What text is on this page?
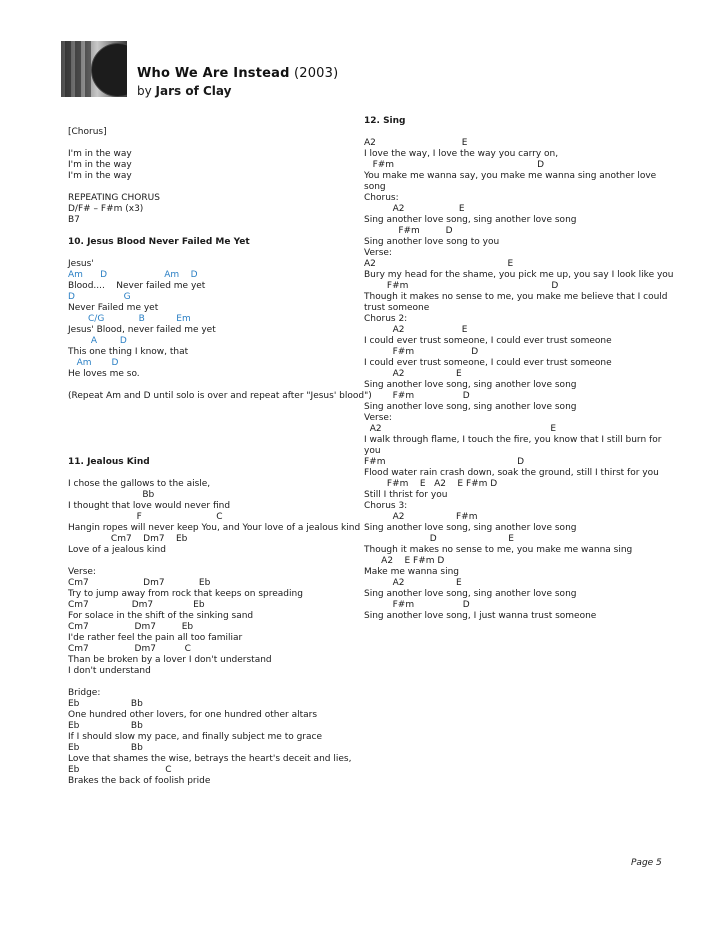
Who We Are Instead (2003)
by Jars of Clay
[Chorus]
I'm in the way
I'm in the way
I'm in the way
REPEATING CHORUS
D/F# – F#m (x3)
B7
10. Jesus Blood Never Failed Me Yet
Jesus'
Am      D                    Am    D
Blood....    Never failed me yet
D                 G
Never Failed me yet
C/G            B           Em
Jesus' Blood, never failed me yet
A        D
This one thing I know, that
Am       D
He loves me so.
(Repeat Am and D until solo is over and repeat after "Jesus' blood")
11. Jealous Kind
I chose the gallows to the aisle,
Bb
I thought that love would never find
F                          C
Hangin ropes will never keep You, and Your love of a jealous kind
Cm7    Dm7    Eb
Love of a jealous kind
Verse:
Cm7                   Dm7            Eb
Try to jump away from rock that keeps on spreading
Cm7               Dm7              Eb
For solace in the shift of the sinking sand
Cm7                Dm7         Eb
I'de rather feel the pain all too familiar
Cm7                Dm7          C
Than be broken by a lover I don't understand
I don't understand
Bridge:
Eb                  Bb
One hundred other lovers, for one hundred other altars
Eb                  Bb
If I should slow my pace, and finally subject me to grace
Eb                  Bb
Love that shames the wise, betrays the heart's deceit and lies,
Eb                              C
Brakes the back of foolish pride
12. Sing
A2                              E
I love the way, I love the way you carry on,
F#m                                                  D
You make me wanna say, you make me wanna sing another love
song
Chorus:
A2                   E
Sing another love song, sing another love song
F#m         D
Sing another love song to you
Verse:
A2                                              E
Bury my head for the shame, you pick me up, you say I look like you
F#m                                                  D
Though it makes no sense to me, you make me believe that I could
trust someone
Chorus 2:
A2                    E
I could ever trust someone, I could ever trust someone
F#m                    D
I could ever trust someone, I could ever trust someone
A2                  E
Sing another love song, sing another love song
F#m                 D
Sing another love song, sing another love song
Verse:
A2                                                           E
I walk through flame, I touch the fire, you know that I still burn for
you
F#m                                              D
Flood water rain crash down, soak the ground, still I thirst for you
F#m    E   A2    E F#m D
Still I thrist for you
Chorus 3:
A2                  F#m
Sing another love song, sing another love song
D                         E
Though it makes no sense to me, you make me wanna sing
A2    E F#m D
Make me wanna sing
A2                  E
Sing another love song, sing another love song
F#m                 D
Sing another love song, I just wanna trust someone
Page 5
